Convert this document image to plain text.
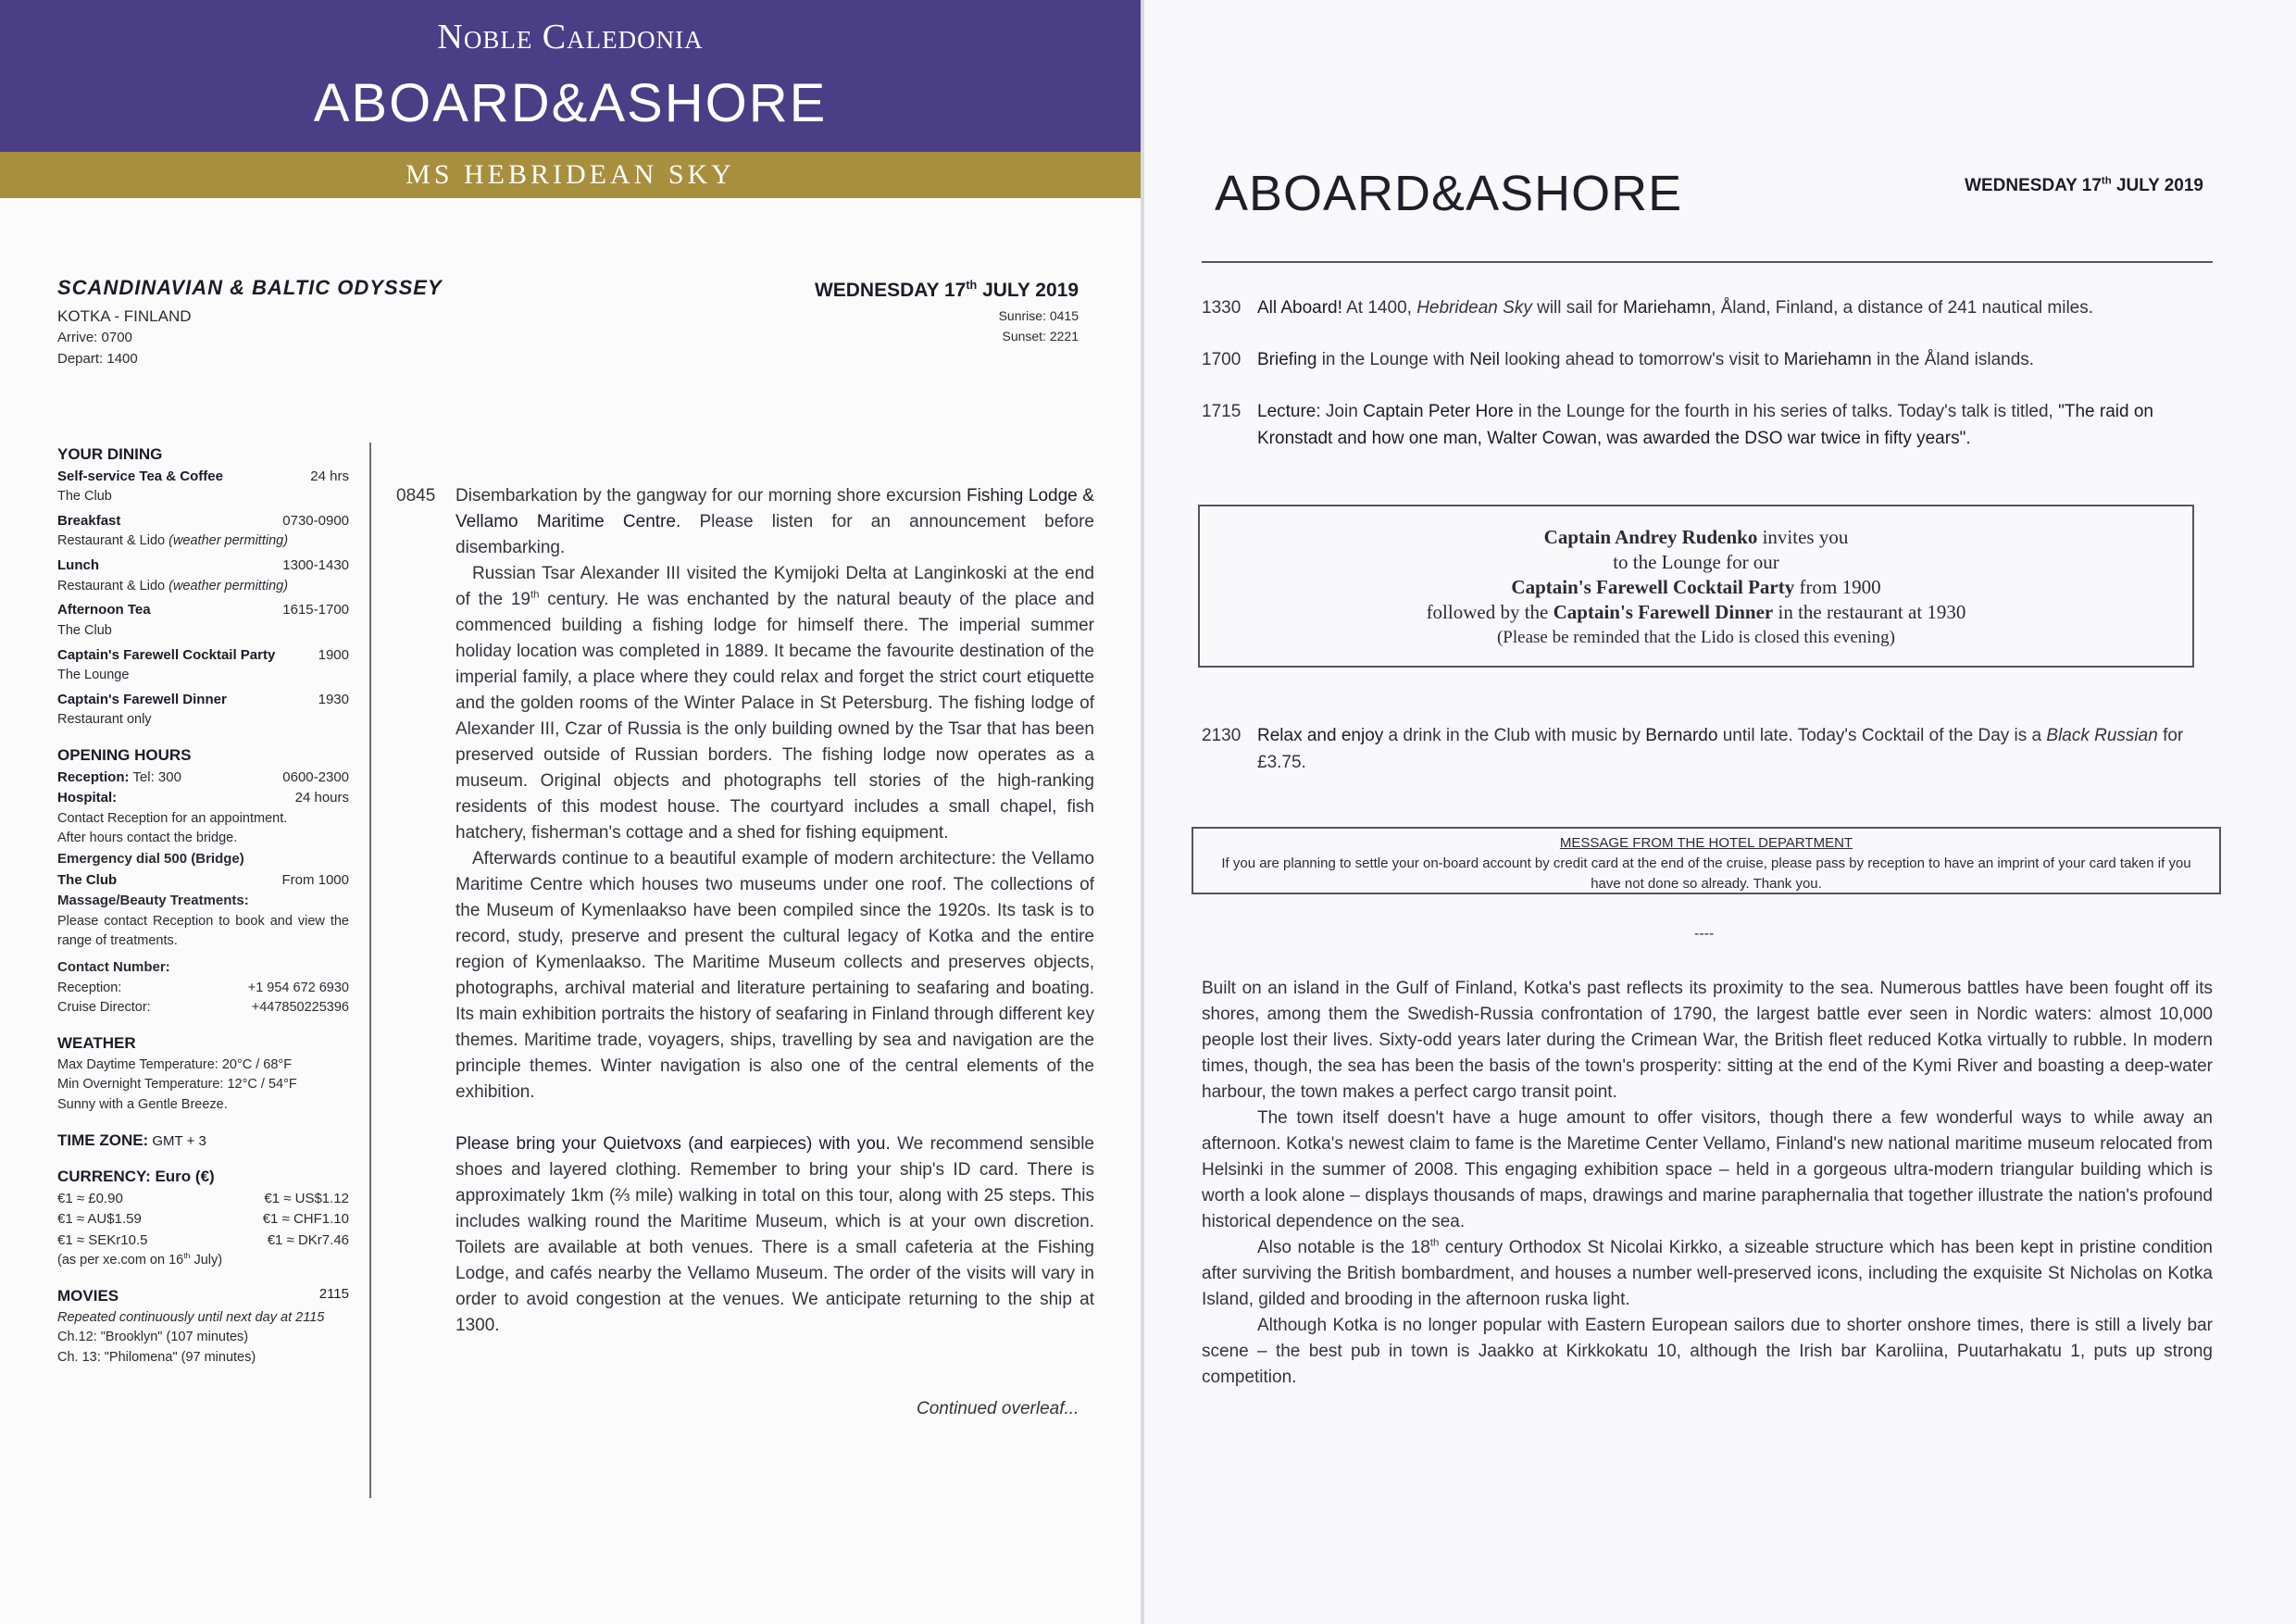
Noble Caledonia
ABOARD&ASHORE
MS HEBRIDEAN SKY
SCANDINAVIAN & BALTIC ODYSSEY
KOTKA - FINLAND
Arrive: 0700
Depart: 1400
WEDNESDAY 17th JULY 2019
Sunrise: 0415
Sunset: 2221
YOUR DINING
Self-service Tea & Coffee	24 hrs
The Club
Breakfast	0730-0900
Restaurant & Lido (weather permitting)
Lunch	1300-1430
Restaurant & Lido (weather permitting)
Afternoon Tea	1615-1700
The Club
Captain's Farewell Cocktail Party	1900
The Lounge
Captain's Farewell Dinner	1930
Restaurant only
OPENING HOURS
Reception: Tel: 300	0600-2300
Hospital:	24 hours
Contact Reception for an appointment.
After hours contact the bridge.
Emergency dial 500 (Bridge)
The Club	From 1000
Massage/Beauty Treatments:
Please contact Reception to book and view the range of treatments.
Contact Number:
Reception:	+1 954 672 6930
Cruise Director:	+447850225396
WEATHER
Max Daytime Temperature: 20°C / 68°F
Min Overnight Temperature: 12°C / 54°F
Sunny with a Gentle Breeze.
TIME ZONE: GMT + 3
CURRENCY: Euro (€)
€1 ≈ £0.90	€1 ≈ US$1.12
€1 ≈ AU$1.59	€1 ≈ CHF1.10
€1 ≈ SEKr10.5	€1 ≈ DKr7.46
(as per xe.com on 16th July)
MOVIES	2115
Repeated continuously until next day at 2115
Ch.12: "Brooklyn" (107 minutes)
Ch. 13: "Philomena" (97 minutes)
0845	Disembarkation by the gangway for our morning shore excursion Fishing Lodge & Vellamo Maritime Centre. Please listen for an announcement before disembarking.

Russian Tsar Alexander III visited the Kymijoki Delta at Langinkoski at the end of the 19th century. He was enchanted by the natural beauty of the place and commenced building a fishing lodge for himself there. The imperial summer holiday location was completed in 1889. It became the favourite destination of the imperial family, a place where they could relax and forget the strict court etiquette and the golden rooms of the Winter Palace in St Petersburg. The fishing lodge of Alexander III, Czar of Russia is the only building owned by the Tsar that has been preserved outside of Russian borders. The fishing lodge now operates as a museum. Original objects and photographs tell stories of the high-ranking residents of this modest house. The courtyard includes a small chapel, fish hatchery, fisherman's cottage and a shed for fishing equipment.

Afterwards continue to a beautiful example of modern architecture: the Vellamo Maritime Centre which houses two museums under one roof. The collections of the Museum of Kymenlaakso have been compiled since the 1920s. Its task is to record, study, preserve and present the cultural legacy of Kotka and the entire region of Kymenlaakso. The Maritime Museum collects and preserves objects, photographs, archival material and literature pertaining to seafaring and boating. Its main exhibition portraits the history of seafaring in Finland through different key themes. Maritime trade, voyagers, ships, travelling by sea and navigation are the principle themes. Winter navigation is also one of the central elements of the exhibition.

Please bring your Quietvoxs (and earpieces) with you. We recommend sensible shoes and layered clothing. Remember to bring your ship's ID card. There is approximately 1km (⅔ mile) walking in total on this tour, along with 25 steps. This includes walking round the Maritime Museum, which is at your own discretion. Toilets are available at both venues. There is a small cafeteria at the Fishing Lodge, and cafés nearby the Vellamo Museum. The order of the visits will vary in order to avoid congestion at the venues. We anticipate returning to the ship at 1300.

Continued overleaf...
ABOARD&ASHORE	WEDNESDAY 17th JULY 2019
1330 All Aboard! At 1400, Hebridean Sky will sail for Mariehamn, Åland, Finland, a distance of 241 nautical miles.
1700 Briefing in the Lounge with Neil looking ahead to tomorrow's visit to Mariehamn in the Åland islands.
1715 Lecture: Join Captain Peter Hore in the Lounge for the fourth in his series of talks. Today's talk is titled, "The raid on Kronstadt and how one man, Walter Cowan, was awarded the DSO war twice in fifty years".
Captain Andrey Rudenko invites you
to the Lounge for our
Captain's Farewell Cocktail Party from 1900
followed by the Captain's Farewell Dinner in the restaurant at 1930
(Please be reminded that the Lido is closed this evening)
2130 Relax and enjoy a drink in the Club with music by Bernardo until late. Today's Cocktail of the Day is a Black Russian for £3.75.
MESSAGE FROM THE HOTEL DEPARTMENT
If you are planning to settle your on-board account by credit card at the end of the cruise, please pass by reception to have an imprint of your card taken if you have not done so already. Thank you.
----

Built on an island in the Gulf of Finland, Kotka's past reflects its proximity to the sea. Numerous battles have been fought off its shores, among them the Swedish-Russia confrontation of 1790, the largest battle ever seen in Nordic waters: almost 10,000 people lost their lives. Sixty-odd years later during the Crimean War, the British fleet reduced Kotka virtually to rubble. In modern times, though, the sea has been the basis of the town's prosperity: sitting at the end of the Kymi River and boasting a deep-water harbour, the town makes a perfect cargo transit point.

The town itself doesn't have a huge amount to offer visitors, though there a few wonderful ways to while away an afternoon. Kotka's newest claim to fame is the Maretime Center Vellamo, Finland's new national maritime museum relocated from Helsinki in the summer of 2008. This engaging exhibition space – held in a gorgeous ultra-modern triangular building which is worth a look alone – displays thousands of maps, drawings and marine paraphernalia that together illustrate the nation's profound historical dependence on the sea.

Also notable is the 18th century Orthodox St Nicolai Kirkko, a sizeable structure which has been kept in pristine condition after surviving the British bombardment, and houses a number well-preserved icons, including the exquisite St Nicholas on Kotka Island, gilded and brooding in the afternoon ruska light.

Although Kotka is no longer popular with Eastern European sailors due to shorter onshore times, there is still a lively bar scene – the best pub in town is Jaakko at Kirkkokatu 10, although the Irish bar Karoliina, Puutarhakatu 1, puts up strong competition.
